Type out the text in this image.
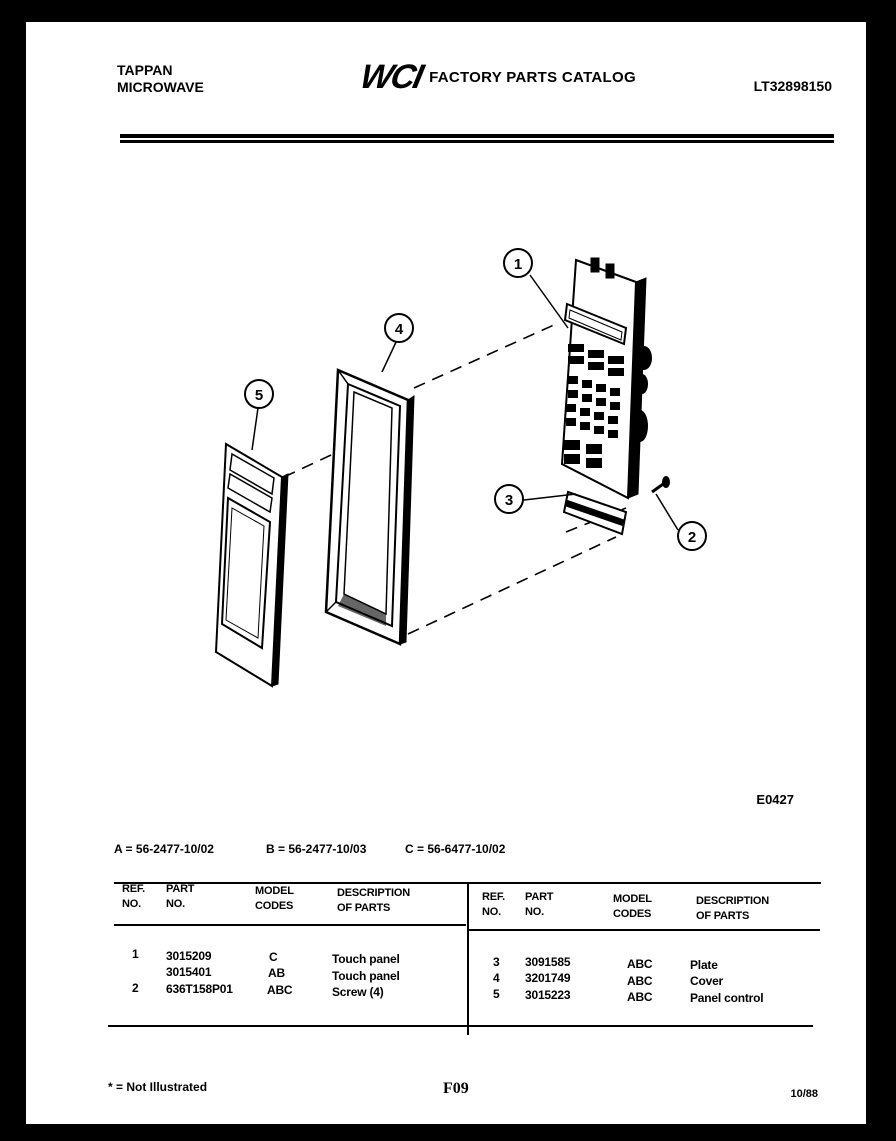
TAPPAN
MICROWAVE	WCI FACTORY PARTS CATALOG
LT32898150
1
2
3
4
5
E0427
A = 56-2477-10/02	B = 56-2477-10/03	C = 56-6477-10/02
REF.
NO.
PART
NO.
MODEL
CODES
DESCRIPTION
OF PARTS
REF.
NO.
PART
NO.
MODEL
CODES
DESCRIPTION
OF PARTS
1 3015209	C	Touch panel
3015401	AB	Touch panel
2 636T158P01	ABC	Screw (4)
3 3091585	ABC	Plate
4 3201749	ABC	Cover
5 3015223	ABC	Panel control
* = Not Illustrated	F09	10/88
